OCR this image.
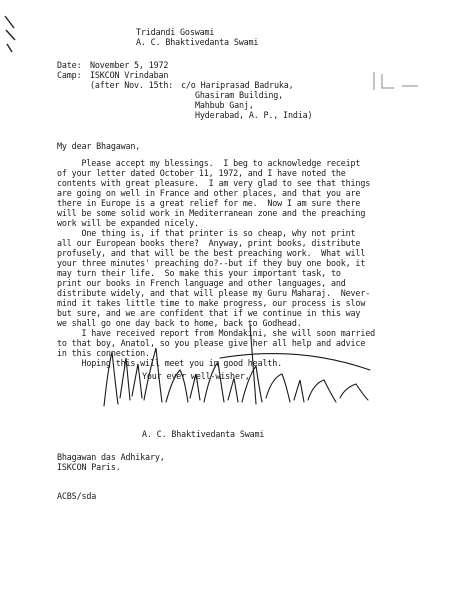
Tridandi Goswami
A. C. Bhaktivedanta Swami
Date: November 5, 1972
Camp: ISKCON Vrindaban
(after Nov. 15th: c/o Hariprasad Badruka,
Ghasiram Building,
Mahbub Ganj,
Hyderabad, A. P., India)
My dear Bhagawan,
Please accept my blessings.  I beg to acknowledge receipt
of your letter dated October 11, 1972, and I have noted the
contents with great pleasure.  I am very glad to see that things
are going on well in France and other places, and that you are
there in Europe is a great relief for me.  Now I am sure there
will be some solid work in Mediterranean zone and the preaching
work will be expanded nicely.
One thing is, if that printer is so cheap, why not print
all our European books there?  Anyway, print books, distribute
profusely, and that will be the best preaching work.  What will
your three minutes' preaching do?--but if they buy one book, it
may turn their life.  So make this your important task, to
print our books in French language and other languages, and
distribute widely, and that will please my Guru Maharaj.  Never-
mind it takes little time to make progress, our process is slow
but sure, and we are confident that if we continue in this way
we shall go one day back to home, back to Godhead.
I have received report from Mondakini, she will soon married
to that boy, Anatol, so you please give her all help and advice
in this connection.
Hoping this will meet you in good health.
Your ever well-wisher,
A. C. Bhaktivedanta Swami
Bhagawan das Adhikary,
ISKCON Paris.
ACBS/sda
